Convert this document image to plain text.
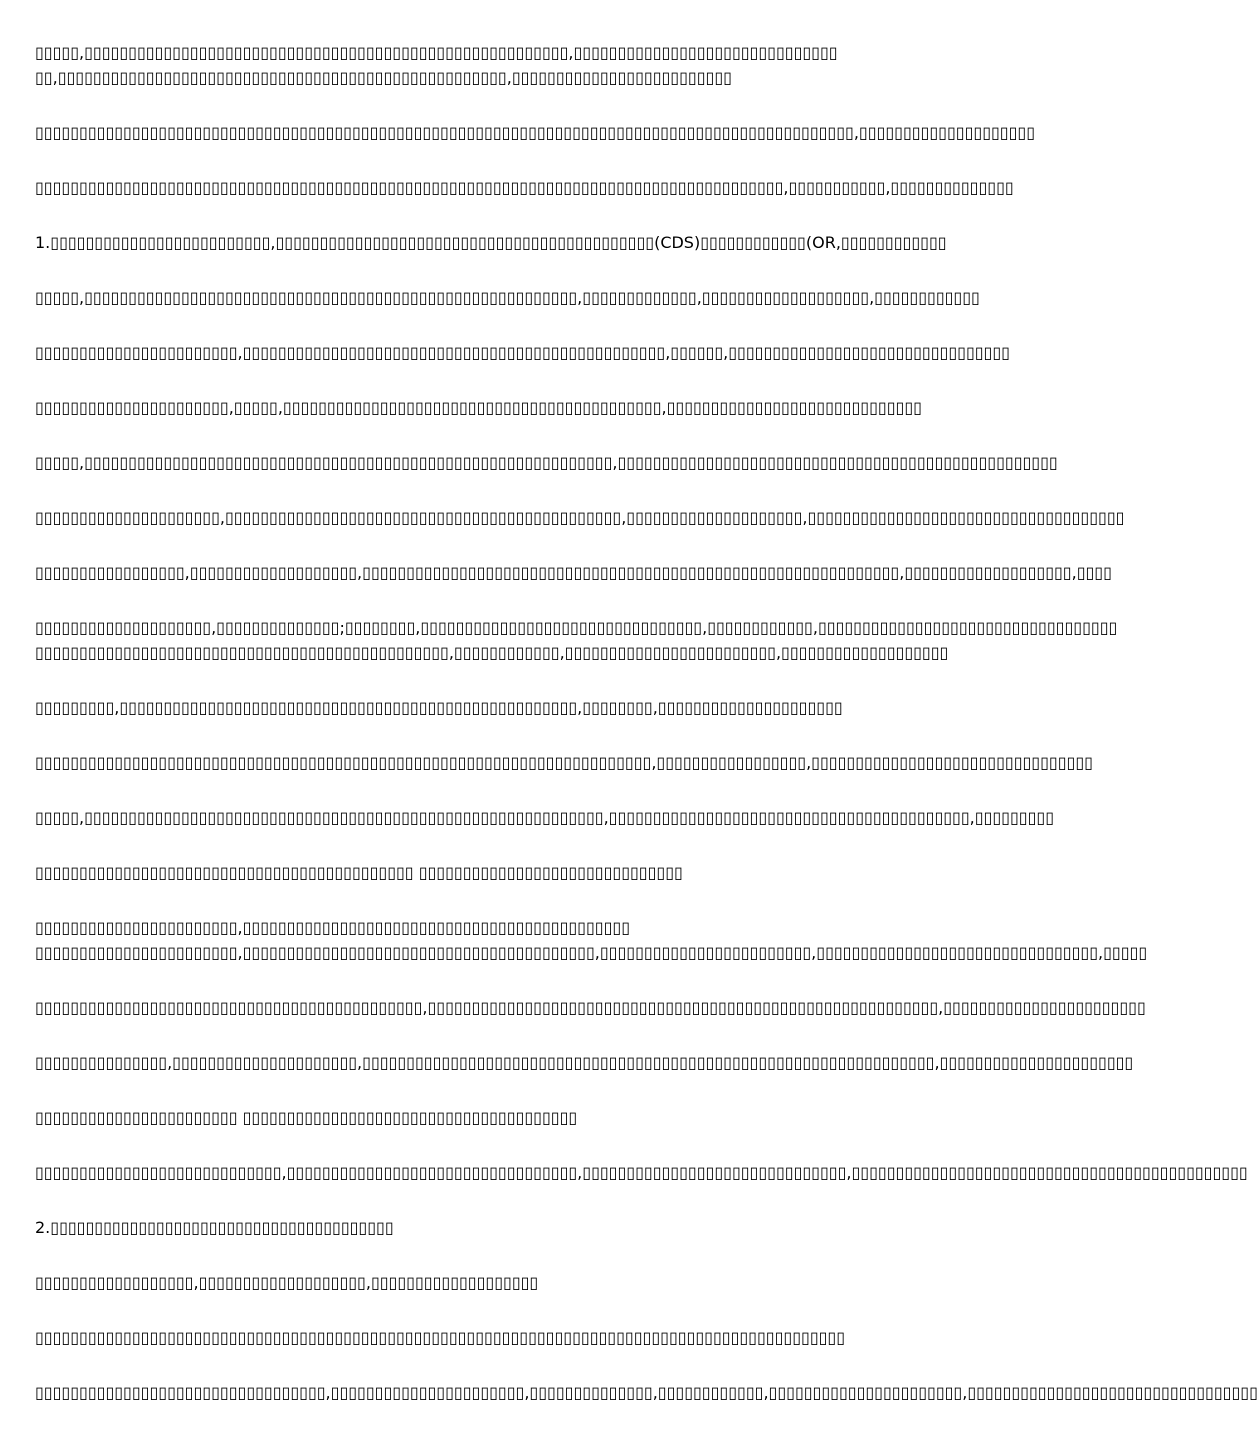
▯▯▯▯▯,▯▯▯▯▯▯▯▯▯▯▯▯▯▯▯▯▯▯▯▯▯▯▯▯▯▯▯▯▯▯▯▯▯▯▯▯▯▯▯▯▯▯▯▯▯▯▯▯▯▯▯▯▯▯▯,▯▯▯▯▯▯▯▯▯▯▯▯▯▯▯▯▯▯▯▯▯▯▯▯▯▯▯▯▯▯
▯▯,▯▯▯▯▯▯▯▯▯▯▯▯▯▯▯▯▯▯▯▯▯▯▯▯▯▯▯▯▯▯▯▯▯▯▯▯▯▯▯▯▯▯▯▯▯▯▯▯▯▯▯,▯▯▯▯▯▯▯▯▯▯▯▯▯▯▯▯▯▯▯▯▯▯▯▯▯
▯▯▯▯▯▯▯▯▯▯▯▯▯▯▯▯▯▯▯▯▯▯▯▯▯▯▯▯▯▯▯▯▯▯▯▯▯▯▯▯▯▯▯▯▯▯▯▯▯▯▯▯▯▯▯▯▯▯▯▯▯▯▯▯▯▯▯▯▯▯▯▯▯▯▯▯▯▯▯▯▯▯▯▯▯▯▯▯▯▯▯▯▯,▯▯▯▯▯▯▯▯▯▯▯▯▯▯▯▯▯▯▯▯
▯▯▯▯▯▯▯▯▯▯▯▯▯▯▯▯▯▯▯▯▯▯▯▯▯▯▯▯▯▯▯▯▯▯▯▯▯▯▯▯▯▯▯▯▯▯▯▯▯▯▯▯▯▯▯▯▯▯▯▯▯▯▯▯▯▯▯▯▯▯▯▯▯▯▯▯▯▯▯▯▯▯▯▯▯,▯▯▯▯▯▯▯▯▯▯▯,▯▯▯▯▯▯▯▯▯▯▯▯▯▯
1.▯▯▯▯▯▯▯▯▯▯▯▯▯▯▯▯▯▯▯▯▯▯▯▯▯,▯▯▯▯▯▯▯▯▯▯▯▯▯▯▯▯▯▯▯▯▯▯▯▯▯▯▯▯▯▯▯▯▯▯▯▯▯▯▯▯▯▯▯(CDS)▯▯▯▯▯▯▯▯▯▯▯▯(OR,▯▯▯▯▯▯▯▯▯▯▯▯
▯▯▯▯▯,▯▯▯▯▯▯▯▯▯▯▯▯▯▯▯▯▯▯▯▯▯▯▯▯▯▯▯▯▯▯▯▯▯▯▯▯▯▯▯▯▯▯▯▯▯▯▯▯▯▯▯▯▯▯▯▯,▯▯▯▯▯▯▯▯▯▯▯▯▯,▯▯▯▯▯▯▯▯▯▯▯▯▯▯▯▯▯▯▯,▯▯▯▯▯▯▯▯▯▯▯▯
▯▯▯▯▯▯▯▯▯▯▯▯▯▯▯▯▯▯▯▯▯▯▯,▯▯▯▯▯▯▯▯▯▯▯▯▯▯▯▯▯▯▯▯▯▯▯▯▯▯▯▯▯▯▯▯▯▯▯▯▯▯▯▯▯▯▯▯▯▯▯▯,▯▯▯▯▯▯,▯▯▯▯▯▯▯▯▯▯▯▯▯▯▯▯▯▯▯▯▯▯▯▯▯▯▯▯▯▯▯▯
▯▯▯▯▯▯▯▯▯▯▯▯▯▯▯▯▯▯▯▯▯▯,▯▯▯▯▯,▯▯▯▯▯▯▯▯▯▯▯▯▯▯▯▯▯▯▯▯▯▯▯▯▯▯▯▯▯▯▯▯▯▯▯▯▯▯▯▯▯▯▯,▯▯▯▯▯▯▯▯▯▯▯▯▯▯▯▯▯▯▯▯▯▯▯▯▯▯▯▯▯
▯▯▯▯▯,▯▯▯▯▯▯▯▯▯▯▯▯▯▯▯▯▯▯▯▯▯▯▯▯▯▯▯▯▯▯▯▯▯▯▯▯▯▯▯▯▯▯▯▯▯▯▯▯▯▯▯▯▯▯▯▯▯▯▯▯,▯▯▯▯▯▯▯▯▯▯▯▯▯▯▯▯▯▯▯▯▯▯▯▯▯▯▯▯▯▯▯▯▯▯▯▯▯▯▯▯▯▯▯▯▯▯▯▯▯▯
▯▯▯▯▯▯▯▯▯▯▯▯▯▯▯▯▯▯▯▯▯,▯▯▯▯▯▯▯▯▯▯▯▯▯▯▯▯▯▯▯▯▯▯▯▯▯▯▯▯▯▯▯▯▯▯▯▯▯▯▯▯▯▯▯▯▯,▯▯▯▯▯▯▯▯▯▯▯▯▯▯▯▯▯▯▯▯,▯▯▯▯▯▯▯▯▯▯▯▯▯▯▯▯▯▯▯▯▯▯▯▯▯▯▯▯▯▯▯▯▯▯▯▯
▯▯▯▯▯▯▯▯▯▯▯▯▯▯▯▯▯,▯▯▯▯▯▯▯▯▯▯▯▯▯▯▯▯▯▯▯,▯▯▯▯▯▯▯▯▯▯▯▯▯▯▯▯▯▯▯▯▯▯▯▯▯▯▯▯▯▯▯▯▯▯▯▯▯▯▯▯▯▯▯▯▯▯▯▯▯▯▯▯▯▯▯▯▯▯▯▯▯,▯▯▯▯▯▯▯▯▯▯▯▯▯▯▯▯▯▯▯,▯▯▯▯
▯▯▯▯▯▯▯▯▯▯▯▯▯▯▯▯▯▯▯▯,▯▯▯▯▯▯▯▯▯▯▯▯▯▯;▯▯▯▯▯▯▯▯,▯▯▯▯▯▯▯▯▯▯▯▯▯▯▯▯▯▯▯▯▯▯▯▯▯▯▯▯▯▯▯▯,▯▯▯▯▯▯▯▯▯▯▯▯,▯▯▯▯▯▯▯▯▯▯▯▯▯▯▯▯▯▯▯▯▯▯▯▯▯▯▯▯▯▯▯▯▯▯
▯▯▯▯▯▯▯▯▯▯▯▯▯▯▯▯▯▯▯▯▯▯▯▯▯▯▯▯▯▯▯▯▯▯▯▯▯▯▯▯▯▯▯▯▯▯▯,▯▯▯▯▯▯▯▯▯▯▯▯,▯▯▯▯▯▯▯▯▯▯▯▯▯▯▯▯▯▯▯▯▯▯▯▯,▯▯▯▯▯▯▯▯▯▯▯▯▯▯▯▯▯▯▯
▯▯▯▯▯▯▯▯▯,▯▯▯▯▯▯▯▯▯▯▯▯▯▯▯▯▯▯▯▯▯▯▯▯▯▯▯▯▯▯▯▯▯▯▯▯▯▯▯▯▯▯▯▯▯▯▯▯▯▯▯▯,▯▯▯▯▯▯▯▯,▯▯▯▯▯▯▯▯▯▯▯▯▯▯▯▯▯▯▯▯▯
▯▯▯▯▯▯▯▯▯▯▯▯▯▯▯▯▯▯▯▯▯▯▯▯▯▯▯▯▯▯▯▯▯▯▯▯▯▯▯▯▯▯▯▯▯▯▯▯▯▯▯▯▯▯▯▯▯▯▯▯▯▯▯▯▯▯▯▯▯▯,▯▯▯▯▯▯▯▯▯▯▯▯▯▯▯▯▯,▯▯▯▯▯▯▯▯▯▯▯▯▯▯▯▯▯▯▯▯▯▯▯▯▯▯▯▯▯▯▯▯
▯▯▯▯▯,▯▯▯▯▯▯▯▯▯▯▯▯▯▯▯▯▯▯▯▯▯▯▯▯▯▯▯▯▯▯▯▯▯▯▯▯▯▯▯▯▯▯▯▯▯▯▯▯▯▯▯▯▯▯▯▯▯▯▯,▯▯▯▯▯▯▯▯▯▯▯▯▯▯▯▯▯▯▯▯▯▯▯▯▯▯▯▯▯▯▯▯▯▯▯▯▯▯▯▯▯,▯▯▯▯▯▯▯▯▯
▯▯▯▯▯▯▯▯▯▯▯▯▯▯▯▯▯▯▯▯▯▯▯▯▯▯▯▯▯▯▯▯▯▯▯▯▯▯▯▯▯▯▯ ▯▯▯▯▯▯▯▯▯▯▯▯▯▯▯▯▯▯▯▯▯▯▯▯▯▯▯▯▯▯
▯▯▯▯▯▯▯▯▯▯▯▯▯▯▯▯▯▯▯▯▯▯▯,▯▯▯▯▯▯▯▯▯▯▯▯▯▯▯▯▯▯▯▯▯▯▯▯▯▯▯▯▯▯▯▯▯▯▯▯▯▯▯▯▯▯▯▯
▯▯▯▯▯▯▯▯▯▯▯▯▯▯▯▯▯▯▯▯▯▯▯,▯▯▯▯▯▯▯▯▯▯▯▯▯▯▯▯▯▯▯▯▯▯▯▯▯▯▯▯▯▯▯▯▯▯▯▯▯▯▯▯,▯▯▯▯▯▯▯▯▯▯▯▯▯▯▯▯▯▯▯▯▯▯▯▯,▯▯▯▯▯▯▯▯▯▯▯▯▯▯▯▯▯▯▯▯▯▯▯▯▯▯▯▯▯▯▯▯,▯▯▯▯▯
▯▯▯▯▯▯▯▯▯▯▯▯▯▯▯▯▯▯▯▯▯▯▯▯▯▯▯▯▯▯▯▯▯▯▯▯▯▯▯▯▯▯▯▯,▯▯▯▯▯▯▯▯▯▯▯▯▯▯▯▯▯▯▯▯▯▯▯▯▯▯▯▯▯▯▯▯▯▯▯▯▯▯▯▯▯▯▯▯▯▯▯▯▯▯▯▯▯▯▯▯▯▯,▯▯▯▯▯▯▯▯▯▯▯▯▯▯▯▯▯▯▯▯▯▯▯
▯▯▯▯▯▯▯▯▯▯▯▯▯▯▯,▯▯▯▯▯▯▯▯▯▯▯▯▯▯▯▯▯▯▯▯▯,▯▯▯▯▯▯▯▯▯▯▯▯▯▯▯▯▯▯▯▯▯▯▯▯▯▯▯▯▯▯▯▯▯▯▯▯▯▯▯▯▯▯▯▯▯▯▯▯▯▯▯▯▯▯▯▯▯▯▯▯▯▯▯▯▯,▯▯▯▯▯▯▯▯▯▯▯▯▯▯▯▯▯▯▯▯▯▯
▯▯▯▯▯▯▯▯▯▯▯▯▯▯▯▯▯▯▯▯▯▯▯ ▯▯▯▯▯▯▯▯▯▯▯▯▯▯▯▯▯▯▯▯▯▯▯▯▯▯▯▯▯▯▯▯▯▯▯▯▯▯
▯▯▯▯▯▯▯▯▯▯▯▯▯▯▯▯▯▯▯▯▯▯▯▯▯▯▯▯,▯▯▯▯▯▯▯▯▯▯▯▯▯▯▯▯▯▯▯▯▯▯▯▯▯▯▯▯▯▯▯▯▯,▯▯▯▯▯▯▯▯▯▯▯▯▯▯▯▯▯▯▯▯▯▯▯▯▯▯▯▯▯▯,▯▯▯▯▯▯▯▯▯▯▯▯▯▯▯▯▯▯▯▯▯▯▯▯▯▯▯▯▯▯▯▯▯▯▯▯▯▯▯▯▯▯▯▯▯
2.▯▯▯▯▯▯▯▯▯▯▯▯▯▯▯▯▯▯▯▯▯▯▯▯▯▯▯▯▯▯▯▯▯▯▯▯▯▯▯
▯▯▯▯▯▯▯▯▯▯▯▯▯▯▯▯▯▯,▯▯▯▯▯▯▯▯▯▯▯▯▯▯▯▯▯▯▯,▯▯▯▯▯▯▯▯▯▯▯▯▯▯▯▯▯▯▯
▯▯▯▯▯▯▯▯▯▯▯▯▯▯▯▯▯▯▯▯▯▯▯▯▯▯▯▯▯▯▯▯▯▯▯▯▯▯▯▯▯▯▯▯▯▯▯▯▯▯▯▯▯▯▯▯▯▯▯▯▯▯▯▯▯▯▯▯▯▯▯▯▯▯▯▯▯▯▯▯▯▯▯▯▯▯▯▯▯▯▯▯
▯▯▯▯▯▯▯▯▯▯▯▯▯▯▯▯▯▯▯▯▯▯▯▯▯▯▯▯▯▯▯▯▯,▯▯▯▯▯▯▯▯▯▯▯▯▯▯▯▯▯▯▯▯▯▯,▯▯▯▯▯▯▯▯▯▯▯▯▯▯,▯▯▯▯▯▯▯▯▯▯▯▯,▯▯▯▯▯▯▯▯▯▯▯▯▯▯▯▯▯▯▯▯▯▯,▯▯▯▯▯▯▯▯▯▯▯▯▯▯▯▯▯▯▯▯▯▯▯▯▯▯▯▯▯▯▯▯▯
